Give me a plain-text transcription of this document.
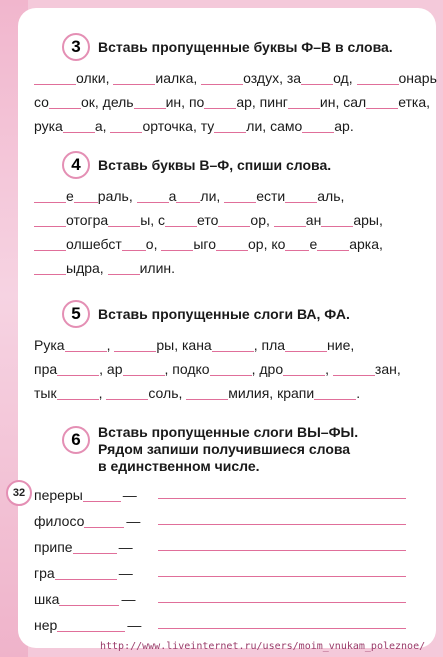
32
3	Вставь пропущенные буквы Ф–В в слова.
олки,	иалка,	оздух, за од,	онарь
со ок, дель ин, по ар, пинг ин, сал етка,
рука а, орточка, ту ли, само ар.
4	Вставь буквы В–Ф, спиши слова.
е раль, а ли, ести аль,
отогра ы, с ето ор, ан ары,
олшебст о, ыго ор, ко е арка,
ыдра, илин.
5	Вставь пропущенные слоги ВА, ФА.
Рука	,	ры, кана	, пла	ние,
пра	, ар	, подко	, дро	,	зан,
тык	,	соль,	милия, крапи	.
6	Вставь пропущенные слоги ВЫ–ФЫ.
Рядом запиши получившиеся слова
в единственном числе.
переры	—
филосо	—
припе	—
гра	—
шка	—
нер	—
http://www.liveinternet.ru/users/moim_vnukam_poleznoe/
